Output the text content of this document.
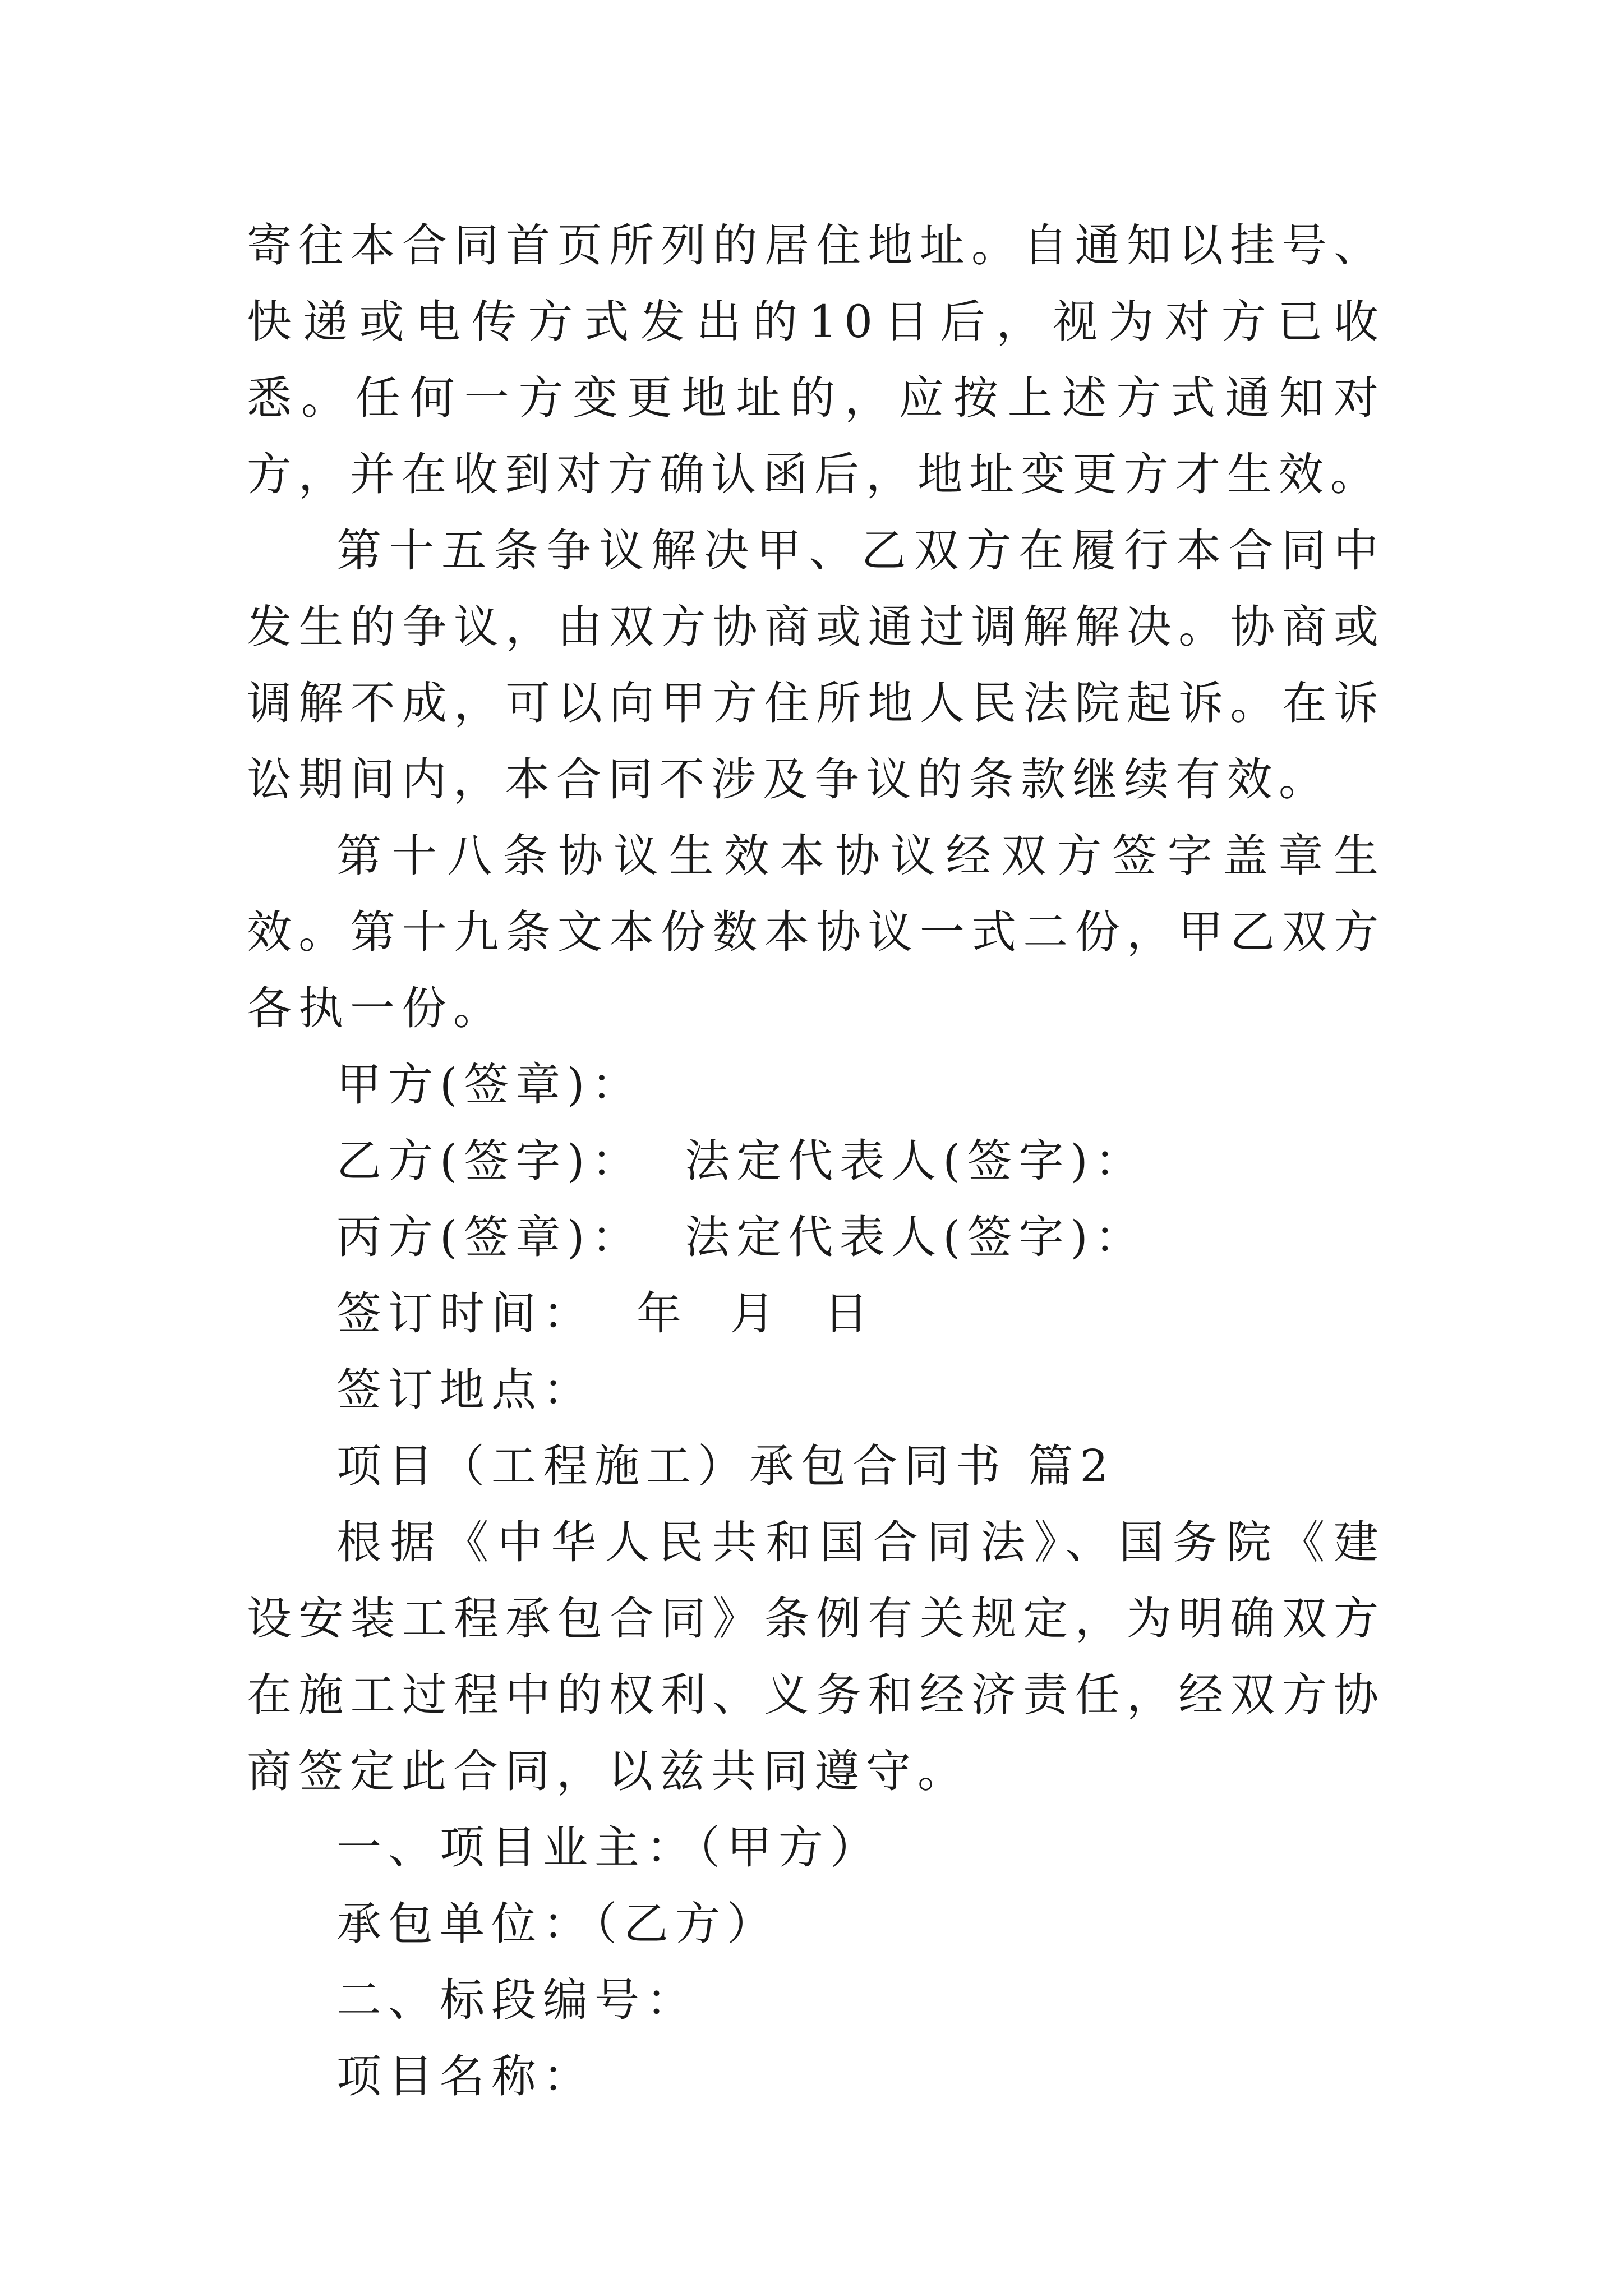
寄往本合同首页所列的居住地址。自通知以挂号、快递或电传方式发出的10日后，视为对方已收悉。任何一方变更地址的，应按上述方式通知对方，并在收到对方确认函后，地址变更方才生效。

第十五条争议解决甲、乙双方在履行本合同中发生的争议，由双方协商或通过调解解决。协商或调解不成，可以向甲方住所地人民法院起诉。在诉讼期间内，本合同不涉及争议的条款继续有效。

第十八条协议生效本协议经双方签字盖章生效。第十九条文本份数本协议一式二份，甲乙双方各执一份。

甲方(签章)：

乙方(签字)：  法定代表人(签字)：

丙方(签章)：  法定代表人(签字)：

签订时间：  年  月  日

签订地点：

项目（工程施工）承包合同书 篇2

根据《中华人民共和国合同法》、国务院《建设安装工程承包合同》条例有关规定，为明确双方在施工过程中的权利、义务和经济责任，经双方协商签定此合同，以兹共同遵守。

一、项目业主：（甲方）

承包单位：（乙方）

二、标段编号：

项目名称：
